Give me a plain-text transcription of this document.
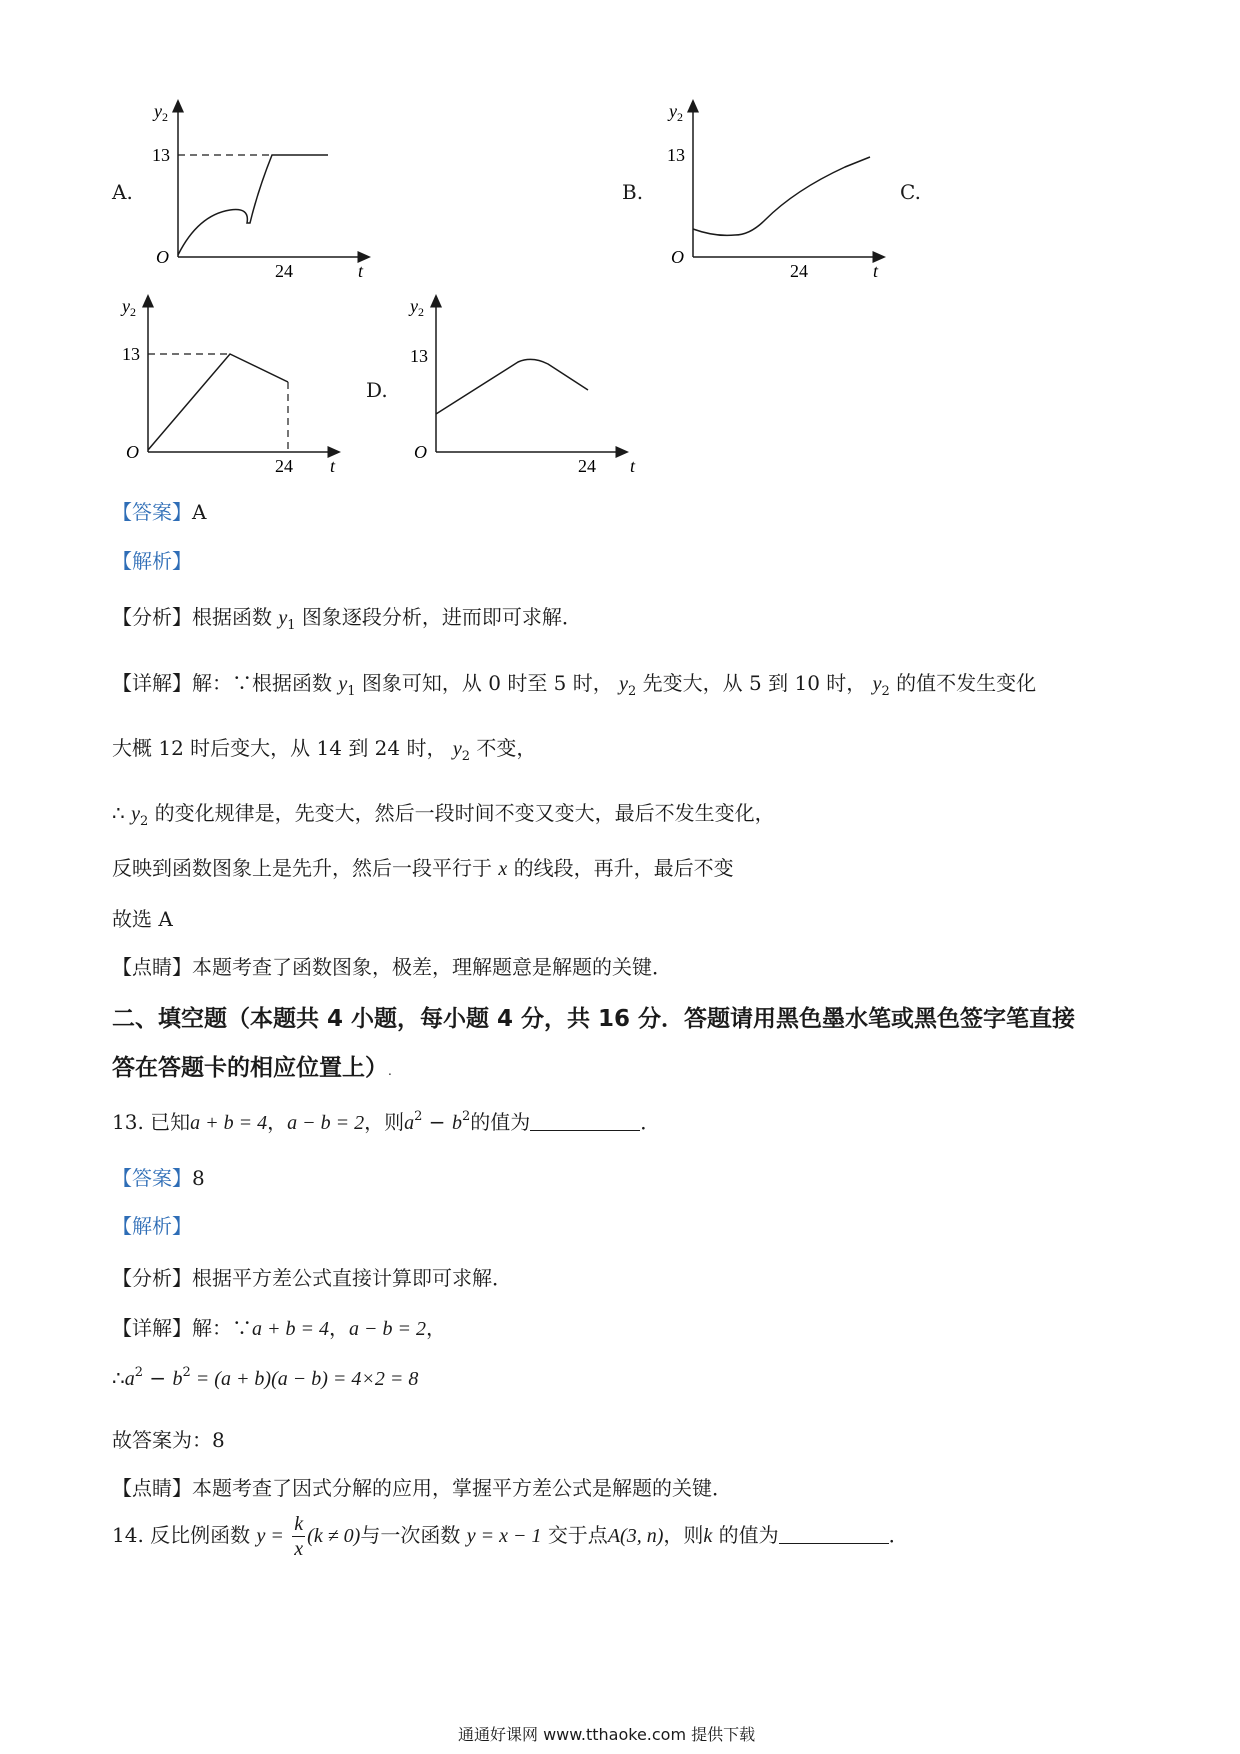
A.
$y_2$
13
O
24	t
B.
$y_2$
13
O
24	t
C.
$y_2$
13
O
24 t
D.
$y_2$
13
O
24 t
【答案】A
【解析】
【分析】根据函数 $y_1$ 图象逐段分析，进而即可求解．
【详解】解：∵根据函数 $y_1$ 图象可知，从 0 时至 5 时， $y_2$ 先变大，从 5 到 10 时， $y_2$ 的值不发生变化
大概 12 时后变大，从 14 到 24 时， $y_2$ 不变，
∴ $y_2$ 的变化规律是，先变大，然后一段时间不变又变大，最后不发生变化，
反映到函数图象上是先升，然后一段平行于 x 的线段，再升，最后不变
故选 A
【点睛】本题考查了函数图象，极差，理解题意是解题的关键．
二、填空题（本题共 4 小题，每小题 4 分，共 16 分．答题请用黑色墨水笔或黑色签字笔直接
答在答题卡的相应位置上）.
13. 已知a + b = 4，a − b = 2，则$a^2 - b^2$的值为	．
【答案】8
【解析】
【分析】根据平方差公式直接计算即可求解．
【详解】解：∵a + b = 4，a − b = 2，
$\therefore a^2 - b^2 = (a + b)(a - b) = 4\times 2 = 8$
故答案为：8
【点睛】本题考查了因式分解的应用，掌握平方差公式是解题的关键．
14. 反比例函数 $y = \frac{k}{x} (k \ne 0)$与一次函数 y = x − 1 交于点A(3, n)，则k 的值为	．
通通好课网 www.tthaoke.com 提供下载
